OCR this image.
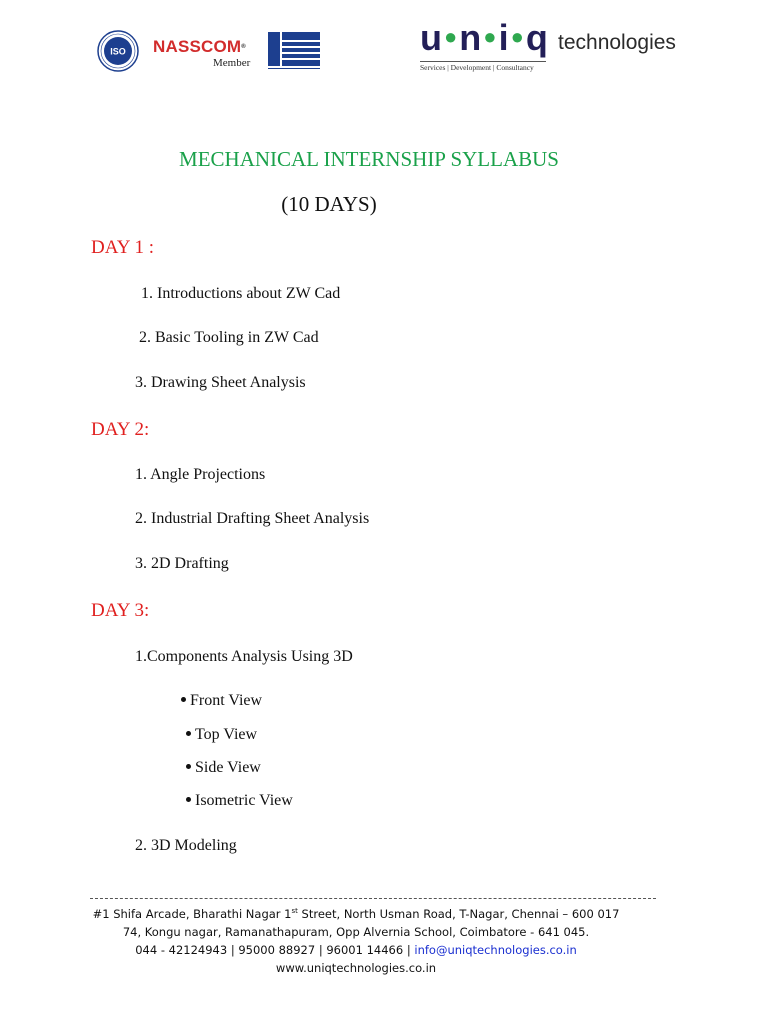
ISO NASSCOM®
Member
u●n●i●q technologies
Services | Development | Consultancy
MECHANICAL INTERNSHIP SYLLABUS
(10 DAYS)
DAY 1 :
1. Introductions about ZW Cad
2. Basic Tooling in ZW Cad
3. Drawing Sheet Analysis
DAY 2:
1. Angle Projections
2. Industrial Drafting Sheet Analysis
3. 2D Drafting
DAY 3:
1.Components Analysis Using 3D
Front View
Top View
Side View
Isometric View
2. 3D Modeling
#1 Shifa Arcade, Bharathi Nagar 1st Street, North Usman Road, T-Nagar, Chennai – 600 017
74, Kongu nagar, Ramanathapuram, Opp Alvernia School, Coimbatore - 641 045.
044 - 42124943 | 95000 88927 | 96001 14466 | info@uniqtechnologies.co.in
www.uniqtechnologies.co.in
